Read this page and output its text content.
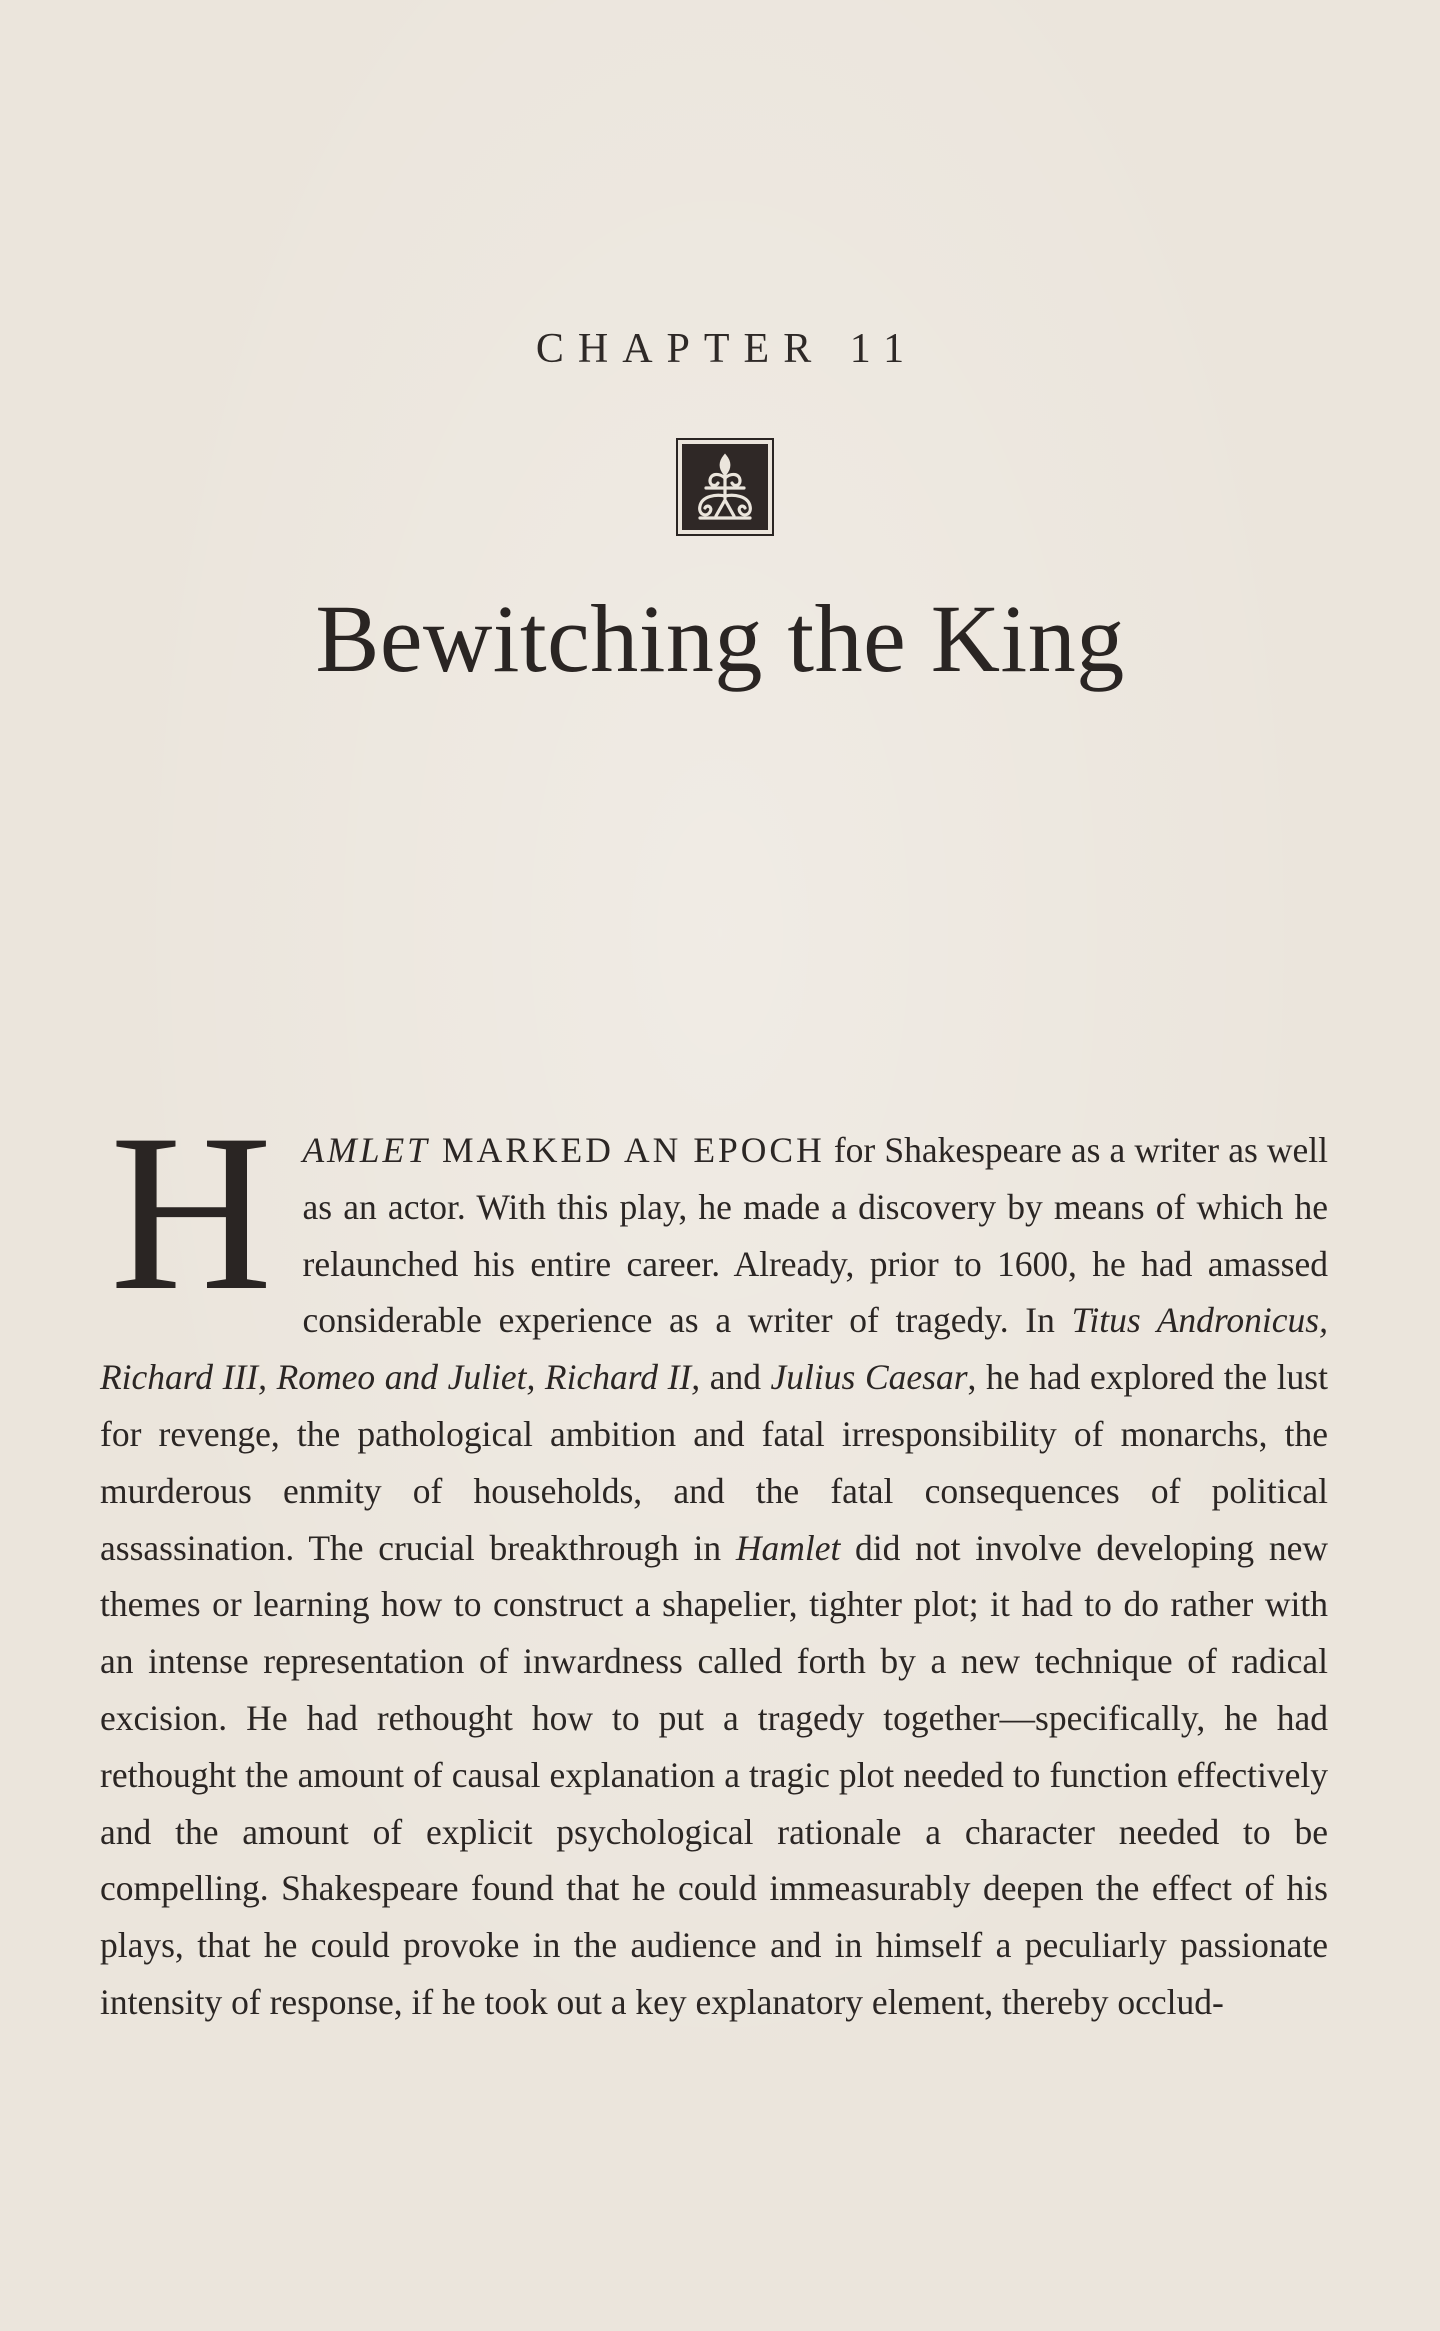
CHAPTER 11
Bewitching the King
HAMLET MARKED AN EPOCH for Shakespeare as a writer as well as an actor. With this play, he made a discovery by means of which he relaunched his entire career. Already, prior to 1600, he had amassed considerable experience as a writer of tragedy. In Titus Andronicus, Richard III, Romeo and Juliet, Richard II, and Julius Caesar, he had explored the lust for revenge, the pathological ambition and fatal irresponsibility of monarchs, the murderous enmity of households, and the fatal consequences of political assassination. The crucial breakthrough in Hamlet did not involve developing new themes or learning how to construct a shapelier, tighter plot; it had to do rather with an intense representation of inwardness called forth by a new technique of radical excision. He had rethought how to put a tragedy together—specifically, he had rethought the amount of causal explanation a tragic plot needed to function effectively and the amount of explicit psychological rationale a character needed to be compelling. Shakespeare found that he could immeasurably deepen the effect of his plays, that he could provoke in the audience and in himself a peculiarly passionate intensity of response, if he took out a key explanatory element, thereby occlud-
